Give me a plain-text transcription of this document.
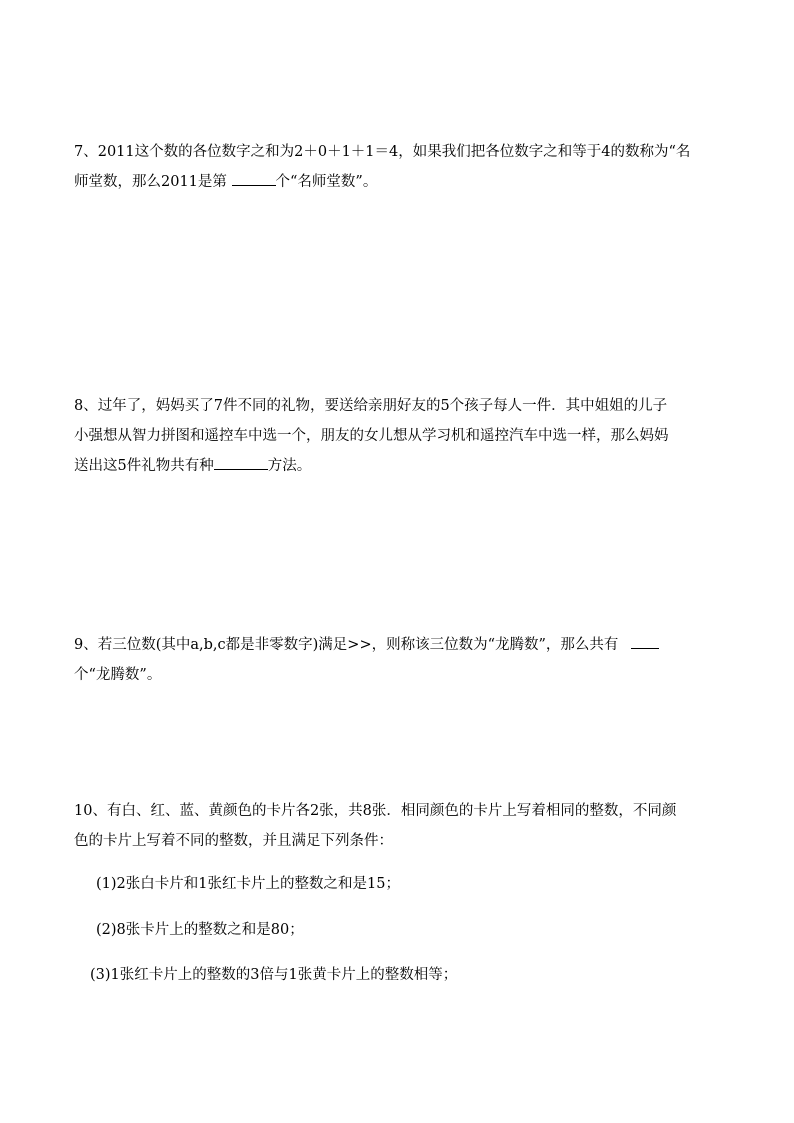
7、2011这个数的各位数字之和为2＋0＋1＋1＝4，如果我们把各位数字之和等于4的数称为“名
师堂数，那么2011是第	个“名师堂数”。
8、过年了，妈妈买了7件不同的礼物，要送给亲朋好友的5个孩子每人一件．其中姐姐的儿子
小强想从智力拼图和遥控车中选一个，朋友的女儿想从学习机和遥控汽车中选一样，那么妈妈
送出这5件礼物共有种	方法。
9、若三位数(其中a,b,c都是非零数字)满足>>，则称该三位数为“龙腾数”，那么共有
个“龙腾数”。
10、有白、红、蓝、黄颜色的卡片各2张，共8张．相同颜色的卡片上写着相同的整数，不同颜
色的卡片上写着不同的整数，并且满足下列条件：

(1)2张白卡片和1张红卡片上的整数之和是15；

(2)8张卡片上的整数之和是80；

(3)1张红卡片上的整数的3倍与1张黄卡片上的整数相等；
